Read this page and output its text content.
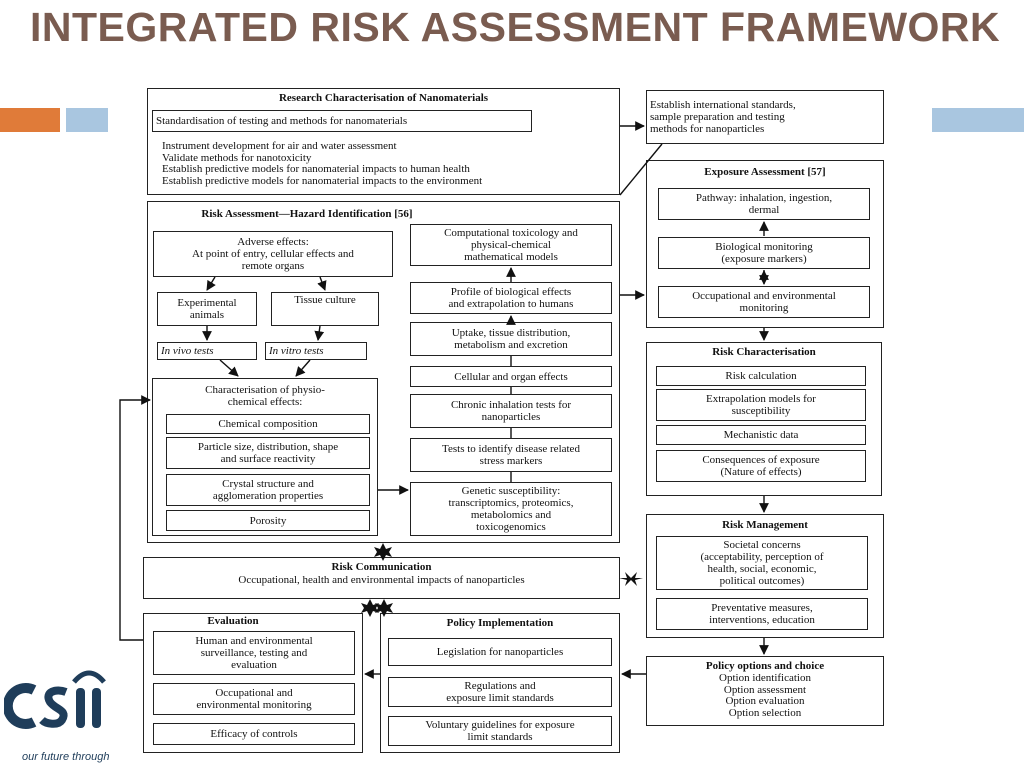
INTEGRATED RISK ASSESSMENT FRAMEWORK
Research Characterisation of Nanomaterials
Standardisation of testing and methods for nanomaterials
Instrument development for air and water assessment
Validate methods for nanotoxicity
Establish predictive models for nanomaterial impacts to human health
Establish predictive models for nanomaterial impacts to the environment
Establish international standards,
sample preparation and testing
methods for nanoparticles
Exposure Assessment [57]
Pathway: inhalation, ingestion,
dermal
Biological monitoring
(exposure markers)
Occupational and environmental
monitoring
Risk Assessment—Hazard Identification [56]
Adverse effects:
At point of entry, cellular effects and
remote organs
Experimental
animals
Tissue culture
In vivo tests	In vitro tests
Characterisation of physio-
chemical effects:
Chemical composition
Particle size, distribution, shape
and surface reactivity
Crystal structure and
agglomeration properties
Porosity
Computational toxicology and
physical-chemical
mathematical models
Profile of biological effects
and extrapolation to humans
Uptake, tissue distribution,
metabolism and excretion
Cellular and organ effects
Chronic inhalation tests for
nanoparticles
Tests to identify disease related
stress markers
Genetic susceptibility:
transcriptomics, proteomics,
metabolomics and
toxicogenomics
Risk Characterisation
Risk calculation
Extrapolation models for
susceptibility
Mechanistic data
Consequences of exposure
(Nature of effects)
Risk Management
Societal concerns
(acceptability, perception of
health, social, economic,
political outcomes)
Preventative measures,
interventions, education
Risk Communication
Occupational, health and environmental impacts of nanoparticles
Evaluation
Human and environmental
surveillance, testing and
evaluation
Occupational and
environmental monitoring
Efficacy of controls
Policy Implementation
Legislation for nanoparticles
Regulations and
exposure limit standards
Voluntary guidelines for exposure
limit standards
Policy options and choice
Option identification
Option assessment
Option evaluation
Option selection
our future through
